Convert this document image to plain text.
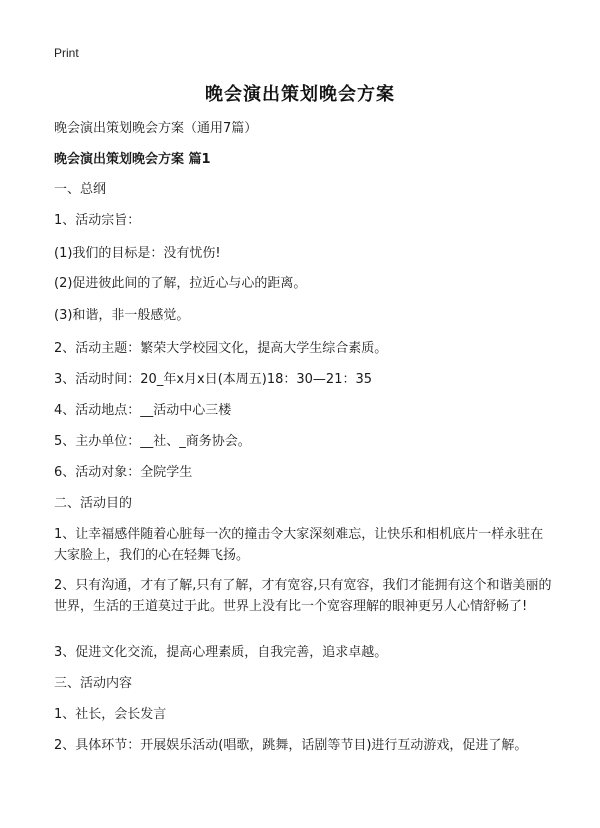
Print
晚会演出策划晚会方案
晚会演出策划晚会方案（通用7篇）
晚会演出策划晚会方案 篇1
一、总纲
1、活动宗旨：
(1)我们的目标是：没有忧伤!
(2)促进彼此间的了解，拉近心与心的距离。
(3)和谐，非一般感觉。
2、活动主题：繁荣大学校园文化，提高大学生综合素质。
3、活动时间：20_年x月x日(本周五)18：30—21：35
4、活动地点：__活动中心三楼
5、主办单位：__社、_商务协会。
6、活动对象：全院学生
二、活动目的
1、让幸福感伴随着心脏每一次的撞击令大家深刻难忘，让快乐和相机底片一样永驻在大家脸上，我们的心在轻舞飞扬。
2、只有沟通，才有了解,只有了解，才有宽容,只有宽容，我们才能拥有这个和谐美丽的世界，生活的王道莫过于此。世界上没有比一个宽容理解的眼神更另人心情舒畅了!
3、促进文化交流，提高心理素质，自我完善，追求卓越。
三、活动内容
1、社长，会长发言
2、具体环节：开展娱乐活动(唱歌，跳舞，话剧等节目)进行互动游戏，促进了解。
